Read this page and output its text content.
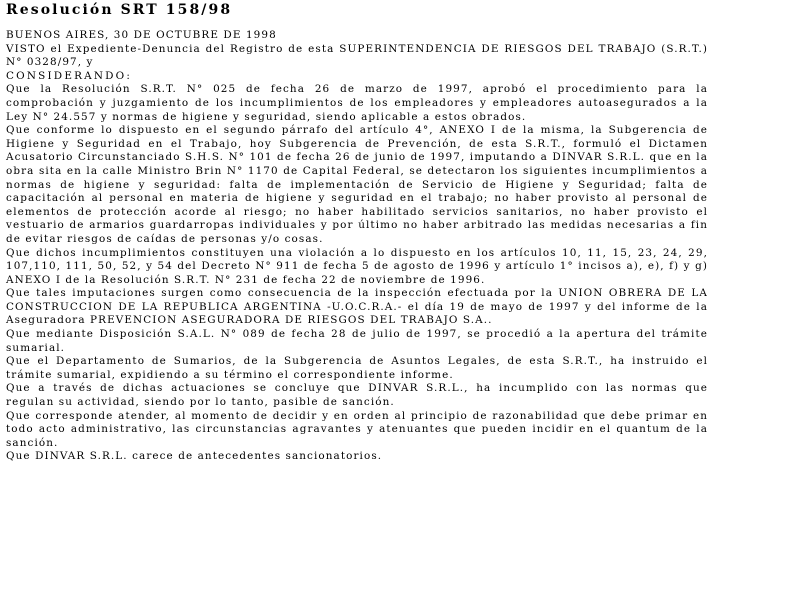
Resolución SRT 158/98

BUENOS AIRES, 30 DE OCTUBRE DE 1998

VISTO el Expediente-Denuncia del Registro de esta SUPERINTENDENCIA DE RIESGOS DEL TRABAJO (S.R.T.) N° 0328/97, y

CONSIDERANDO:

Que la Resolución S.R.T. N° 025 de fecha 26 de marzo de 1997, aprobó el procedimiento para la comprobación y juzgamiento de los incumplimientos de los empleadores y empleadores autoasegurados a la Ley N° 24.557 y normas de higiene y seguridad, siendo aplicable a estos obrados.

Que conforme lo dispuesto en el segundo párrafo del artículo 4°, ANEXO I de la misma, la Subgerencia de Higiene y Seguridad en el Trabajo, hoy Subgerencia de Prevención, de esta S.R.T., formuló el Dictamen Acusatorio Circunstanciado S.H.S. N° 101 de fecha 26 de junio de 1997, imputando a DINVAR S.R.L. que en la obra sita en la calle Ministro Brin N° 1170 de Capital Federal, se detectaron los siguientes incumplimientos a normas de higiene y seguridad: falta de implementación de Servicio de Higiene y Seguridad; falta de capacitación al personal en materia de higiene y seguridad en el trabajo; no haber provisto al personal de elementos de protección acorde al riesgo; no haber habilitado servicios sanitarios, no haber provisto el vestuario de armarios guardarropas individuales y por último no haber arbitrado las medidas necesarias a fin de evitar riesgos de caídas de personas y/o cosas.

Que dichos incumplimientos constituyen una violación a lo dispuesto en los artículos 10, 11, 15, 23, 24, 29, 107,110, 111, 50, 52, y 54 del Decreto N° 911 de fecha 5 de agosto de 1996 y artículo 1° incisos a), e), f) y g) ANEXO I de la Resolución S.R.T. N° 231 de fecha 22 de noviembre de 1996.

Que tales imputaciones surgen como consecuencia de la inspección efectuada por la UNION OBRERA DE LA CONSTRUCCION DE LA REPUBLICA ARGENTINA -U.O.C.R.A.- el día 19 de mayo de 1997 y del informe de la Aseguradora PREVENCION ASEGURADORA DE RIESGOS DEL TRABAJO S.A..

Que mediante Disposición S.A.L. N° 089 de fecha 28 de julio de 1997, se procedió a la apertura del trámite sumarial.

Que el Departamento de Sumarios, de la Subgerencia de Asuntos Legales, de esta S.R.T., ha instruido el trámite sumarial, expidiendo a su término el correspondiente informe.

Que a través de dichas actuaciones se concluye que DINVAR S.R.L., ha incumplido con las normas que regulan su actividad, siendo por lo tanto, pasible de sanción.

Que corresponde atender, al momento de decidir y en orden al principio de razonabilidad que debe primar en todo acto administrativo, las circunstancias agravantes y atenuantes que pueden incidir en el quantum de la sanción.

Que DINVAR S.R.L. carece de antecedentes sancionatorios.
